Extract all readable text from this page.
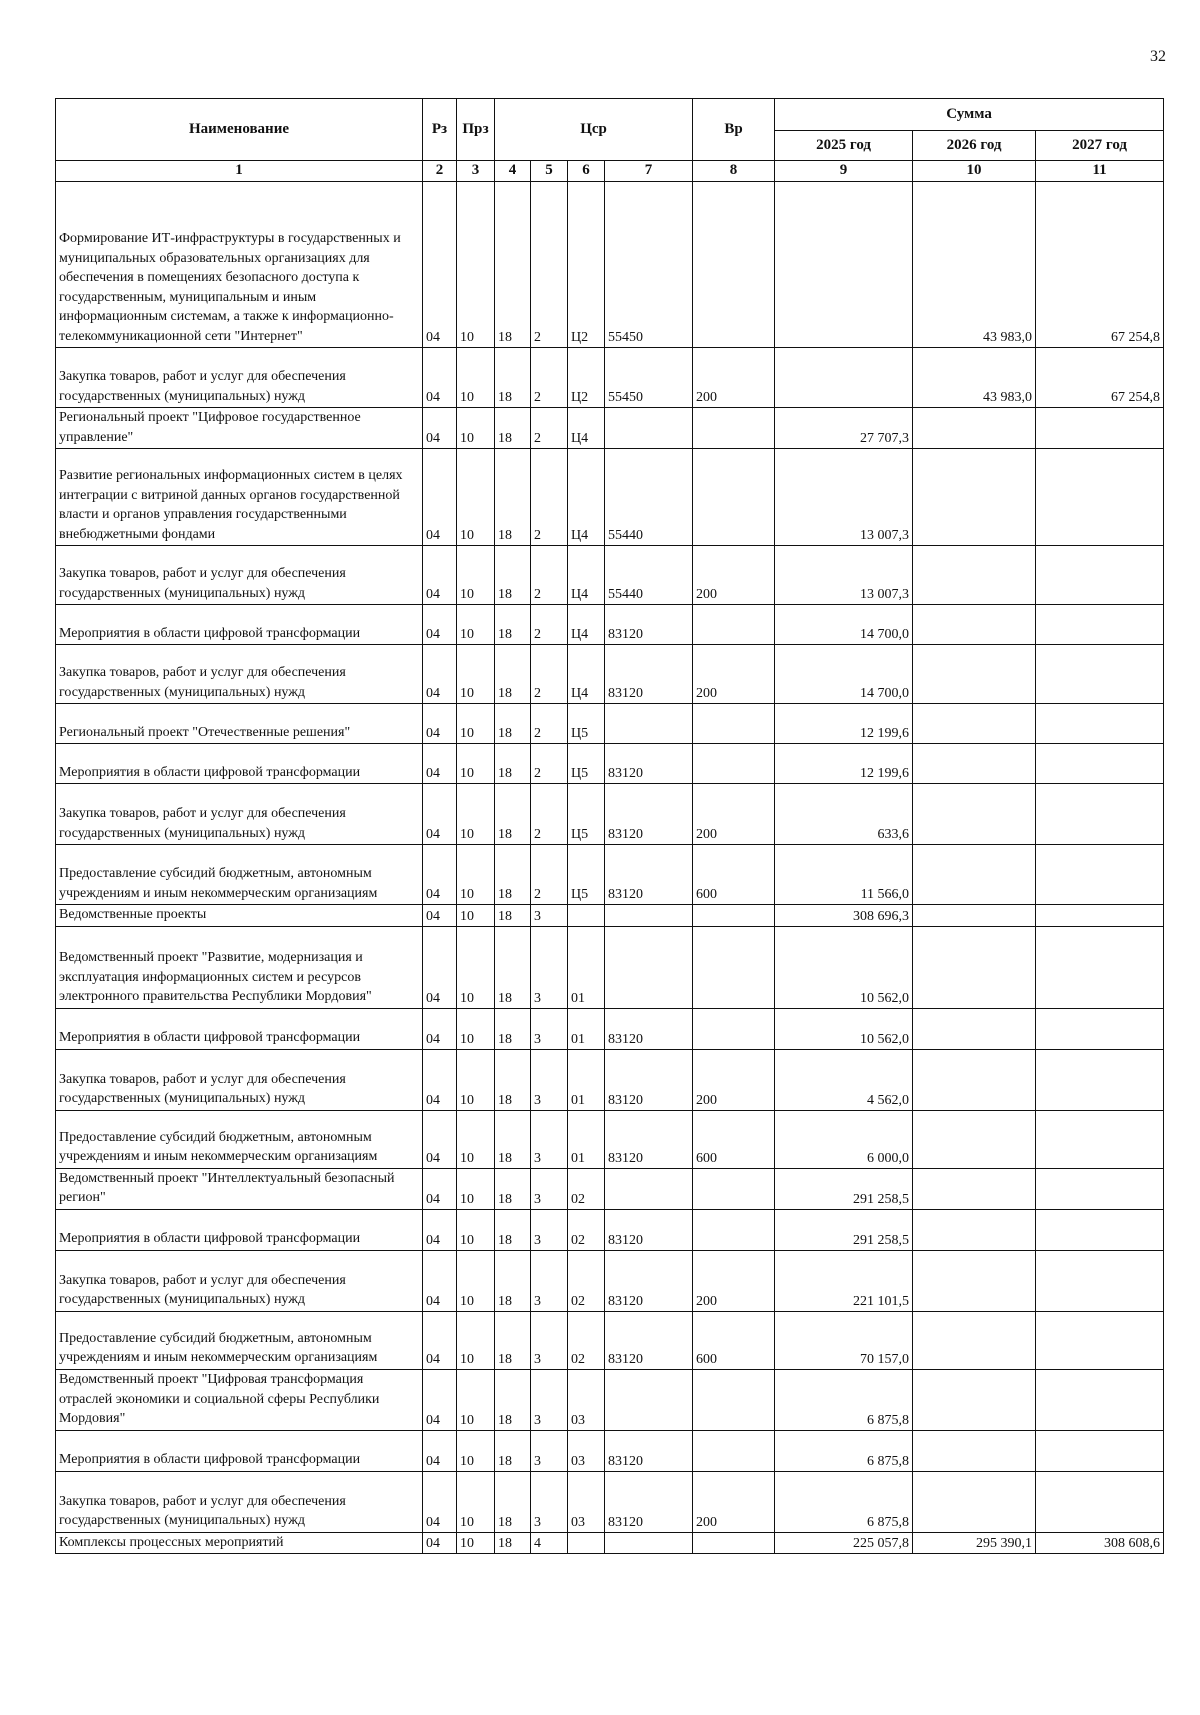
32
Наименование	Рз	Прз	Цср				Вр	Сумма		
								2025 год	2026 год	2027 год
1	2	3	4	5	6	7	8	9	10	11
Формирование ИТ-инфраструктуры в государственных и муниципальных образовательных организациях для обеспечения в помещениях безопасного доступа к государственным, муниципальным и иным информационным системам, а также к информационно-телекоммуникационной сети "Интернет"	04	10	18	2	Ц2	55450			43 983,0	67 254,8
Закупка товаров, работ и услуг для обеспечения государственных (муниципальных) нужд	04	10	18	2	Ц2	55450	200		43 983,0	67 254,8
Региональный проект "Цифровое государственное управление"	04	10	18	2	Ц4			27 707,3		
Развитие региональных информационных систем в целях интеграции с витриной данных органов государственной власти и органов управления государственными внебюджетными фондами	04	10	18	2	Ц4	55440		13 007,3		
Закупка товаров, работ и услуг для обеспечения государственных (муниципальных) нужд	04	10	18	2	Ц4	55440	200	13 007,3		
Мероприятия в области цифровой трансформации	04	10	18	2	Ц4	83120		14 700,0		
Закупка товаров, работ и услуг для обеспечения государственных (муниципальных) нужд	04	10	18	2	Ц4	83120	200	14 700,0		
Региональный проект "Отечественные решения"	04	10	18	2	Ц5			12 199,6		
Мероприятия в области цифровой трансформации	04	10	18	2	Ц5	83120		12 199,6		
Закупка товаров, работ и услуг для обеспечения государственных (муниципальных) нужд	04	10	18	2	Ц5	83120	200	633,6		
Предоставление субсидий бюджетным, автономным учреждениям и иным некоммерческим организациям	04	10	18	2	Ц5	83120	600	11 566,0		
Ведомственные проекты	04	10	18	3				308 696,3		
Ведомственный проект "Развитие, модернизация и эксплуатация информационных систем и ресурсов электронного правительства Республики Мордовия"	04	10	18	3	01			10 562,0		
Мероприятия в области цифровой трансформации	04	10	18	3	01	83120		10 562,0		
Закупка товаров, работ и услуг для обеспечения государственных (муниципальных) нужд	04	10	18	3	01	83120	200	4 562,0		
Предоставление субсидий бюджетным, автономным учреждениям и иным некоммерческим организациям	04	10	18	3	01	83120	600	6 000,0		
Ведомственный проект "Интеллектуальный безопасный регион"	04	10	18	3	02			291 258,5		
Мероприятия в области цифровой трансформации	04	10	18	3	02	83120		291 258,5		
Закупка товаров, работ и услуг для обеспечения государственных (муниципальных) нужд	04	10	18	3	02	83120	200	221 101,5		
Предоставление субсидий бюджетным, автономным учреждениям и иным некоммерческим организациям	04	10	18	3	02	83120	600	70 157,0		
Ведомственный проект "Цифровая трансформация отраслей экономики и социальной сферы Республики Мордовия"	04	10	18	3	03			6 875,8		
Мероприятия в области цифровой трансформации	04	10	18	3	03	83120		6 875,8		
Закупка товаров, работ и услуг для обеспечения государственных (муниципальных) нужд	04	10	18	3	03	83120	200	6 875,8		
Комплексы процессных мероприятий	04	10	18	4				225 057,8	295 390,1	308 608,6
